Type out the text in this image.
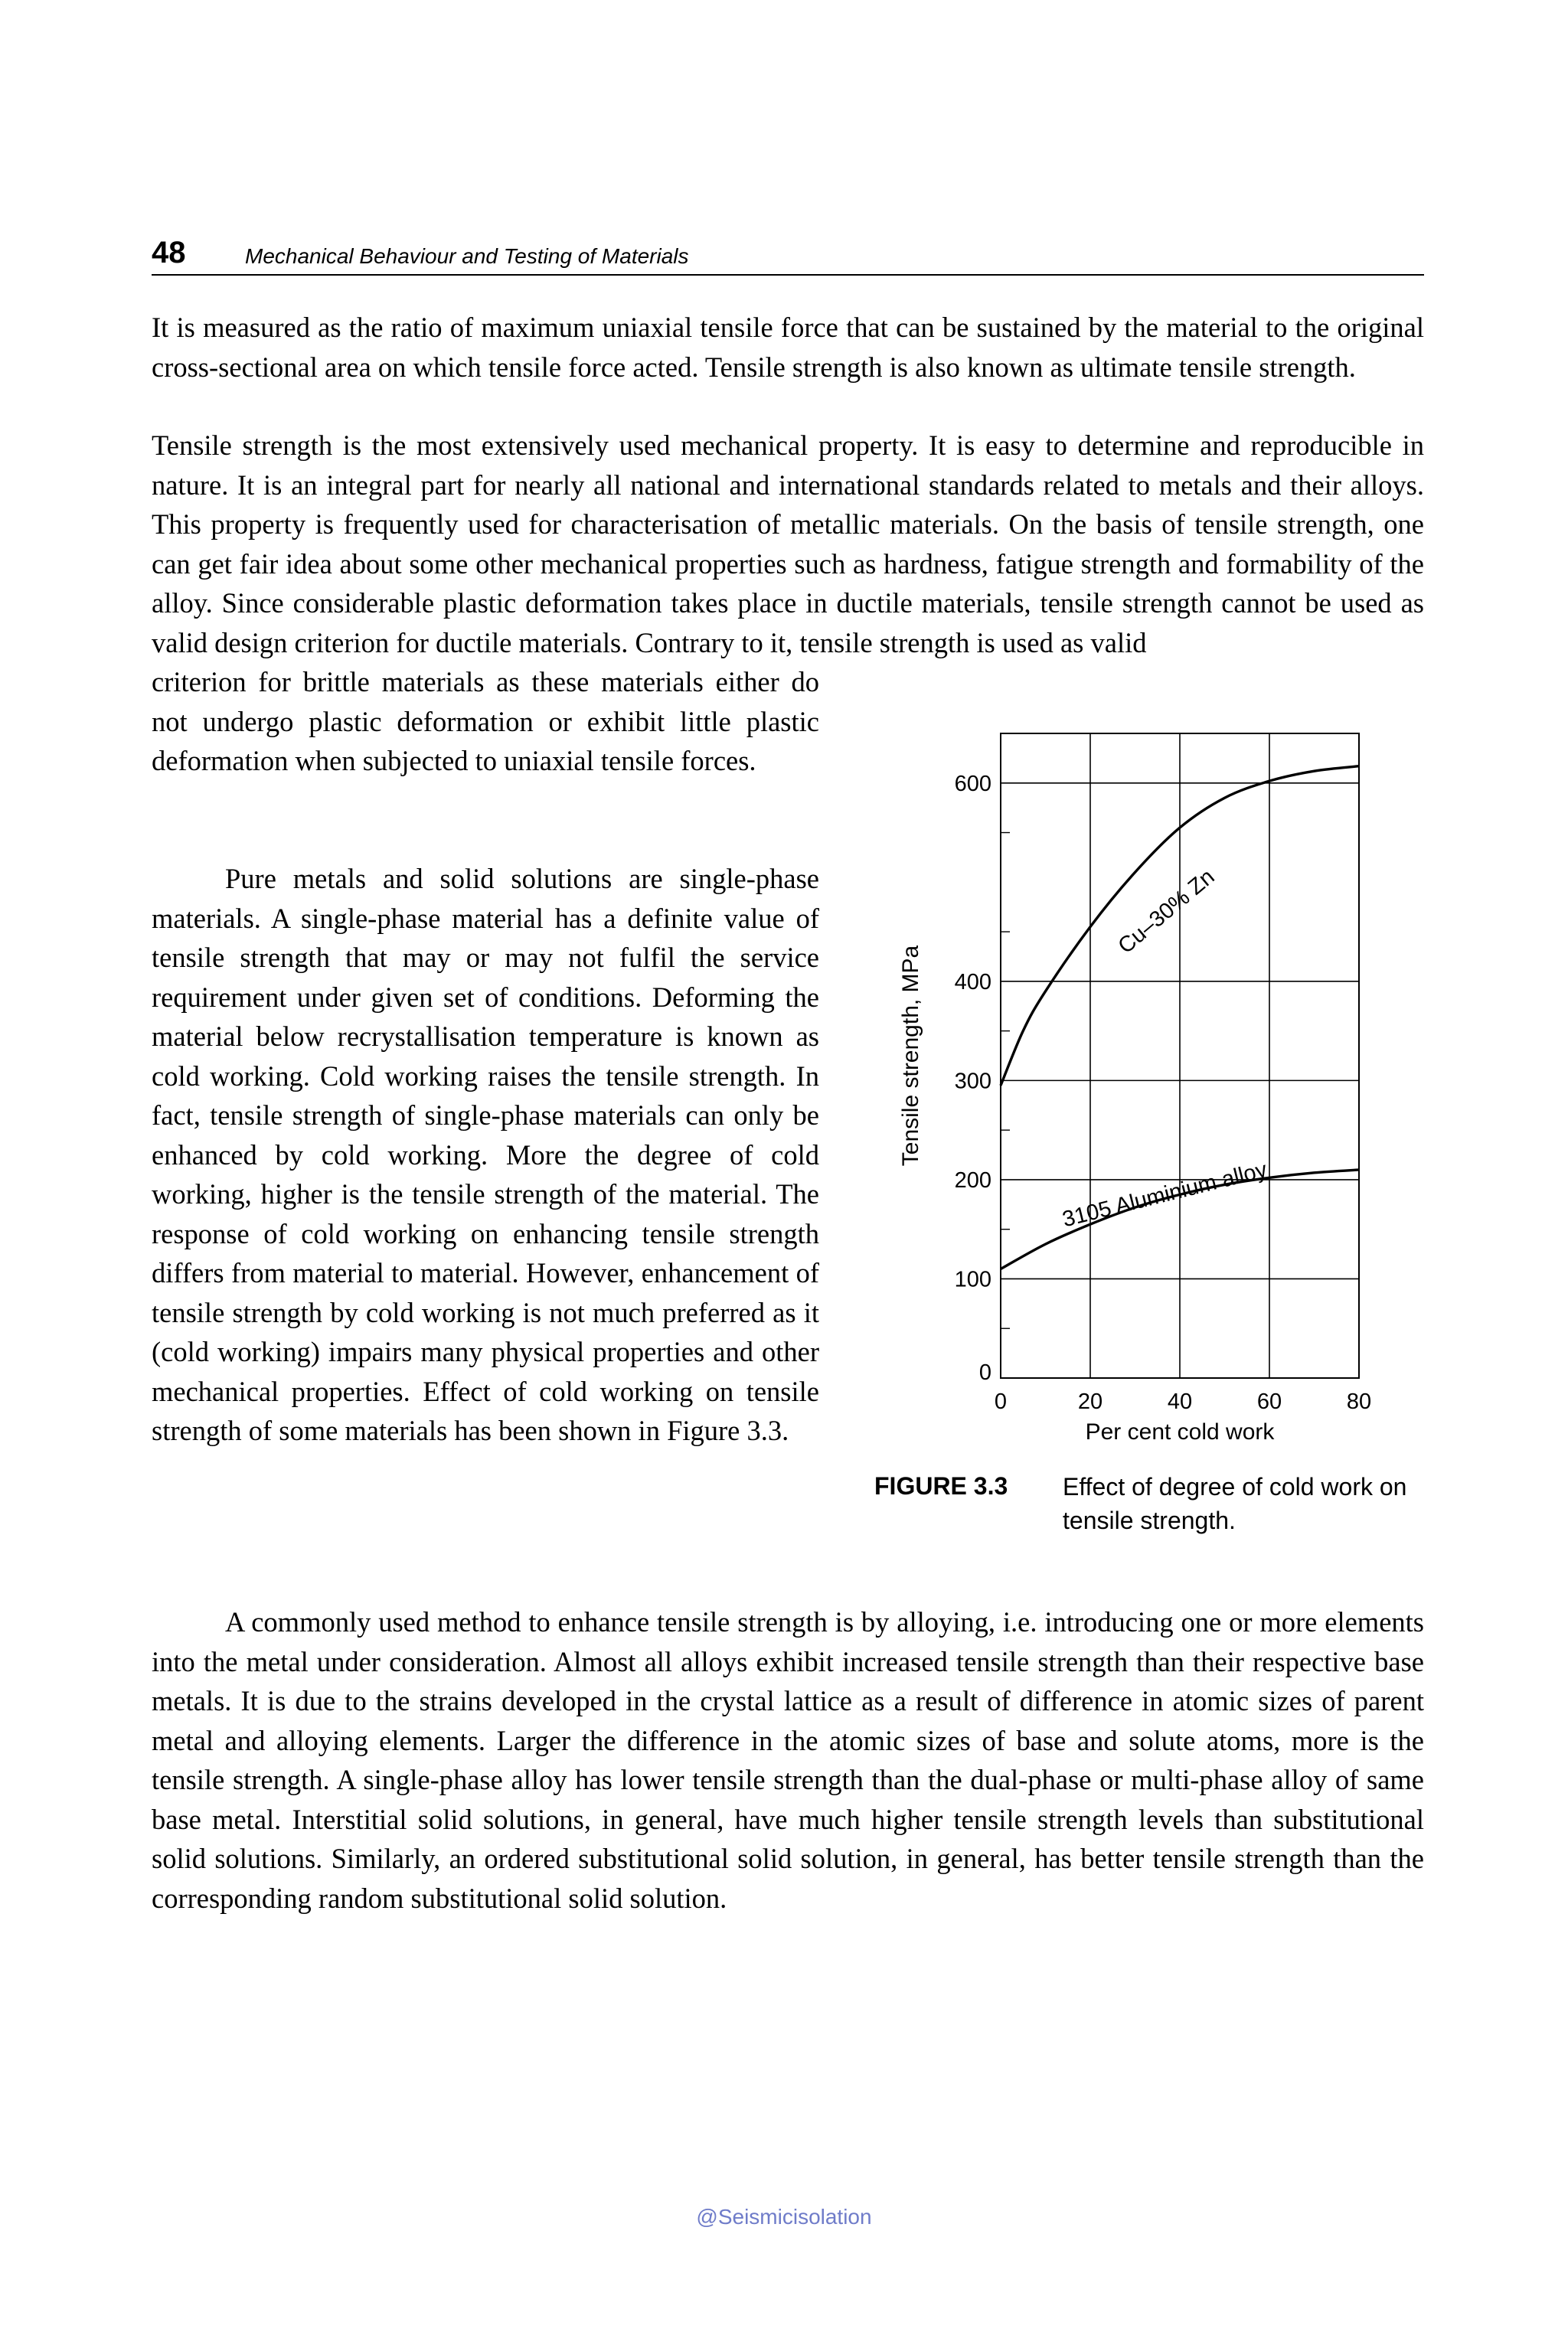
48	Mechanical Behaviour and Testing of Materials

It is measured as the ratio of maximum uniaxial tensile force that can be sustained by the material to the original cross-sectional area on which tensile force acted. Tensile strength is also known as ultimate tensile strength.

Tensile strength is the most extensively used mechanical property. It is easy to determine and reproducible in nature. It is an integral part for nearly all national and international standards related to metals and their alloys. This property is frequently used for characterisation of metallic materials. On the basis of tensile strength, one can get fair idea about some other mechanical properties such as hardness, fatigue strength and formability of the alloy. Since considerable plastic deformation takes place in ductile materials, tensile strength cannot be used as valid design criterion for ductile materials. Contrary to it, tensile strength is used as valid

criterion for brittle materials as these materials either do not undergo plastic deformation or exhibit little plastic deformation when subjected to uniaxial tensile forces.

Pure metals and solid solutions are single-phase materials. A single-phase material has a definite value of tensile strength that may or may not fulfil the service requirement under given set of conditions. Deforming the material below recrystallisation temperature is known as cold working. Cold working raises the tensile strength. In fact, tensile strength of single-phase materials can only be enhanced by cold working. More the degree of cold working, higher is the tensile strength of the material. The response of cold working on enhancing tensile strength differs from material to material. However, enhancement of tensile strength by cold working is not much preferred as it (cold working) impairs many physical properties and other mechanical properties. Effect of cold working on tensile strength of some materials has been shown in Figure 3.3.

A commonly used method to enhance tensile strength is by alloying, i.e. introducing one or more elements into the metal under consideration. Almost all alloys exhibit increased tensile strength than their respective base metals. It is due to the strains developed in the crystal lattice as a result of difference in atomic sizes of parent metal and alloying elements. Larger the difference in the atomic sizes of base and solute atoms, more is the tensile strength. A single-phase alloy has lower tensile strength than the dual-phase or multi-phase alloy of same base metal. Interstitial solid solutions, in general, have much higher tensile strength levels than substitutional solid solutions. Similarly, an ordered substitutional solid solution, in general, has better tensile strength than the corresponding random substitutional solid solution.

0	20	40	60	80
0
100
200
300
400
600
Per cent cold work
Tensile strength, MPa
Cu–30% Zn
3105 Aluminium alloy
FIGURE 3.3 Effect of degree of cold work on tensile strength.
@Seismicisolation
